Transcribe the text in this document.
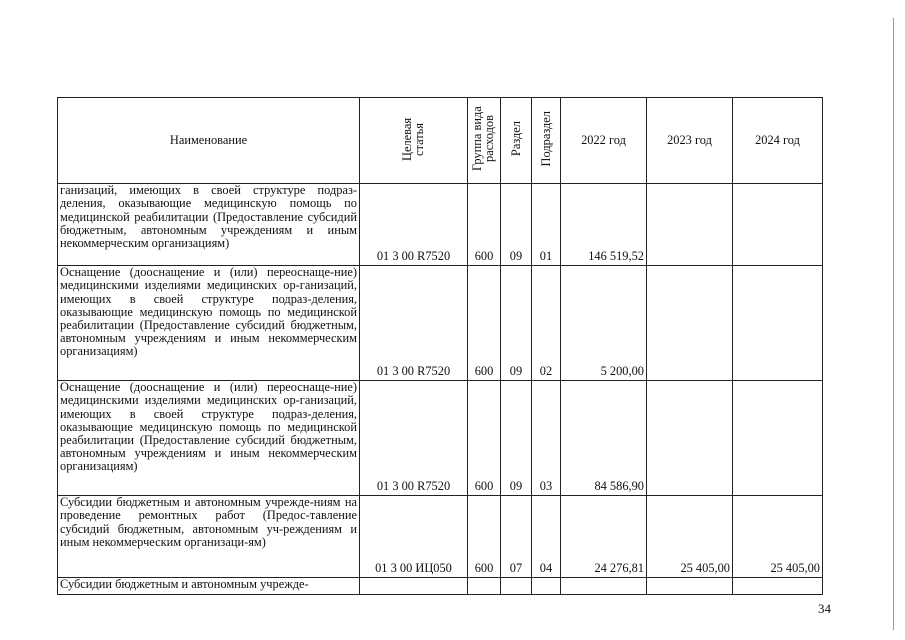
Наименование	Целевая статья	Группа вида расходов	Раздел	Подраздел	2022 год	2023 год	2024 год
ганизаций, имеющих в своей структуре подраз-деления, оказывающие медицинскую помощь по медицинской реабилитации (Предоставление субсидий бюджетным, автономным учреждениям и иным некоммерческим организациям)	01 3 00 R7520	600	09	01	146 519,52		
Оснащение (дооснащение и (или) переоснаще-ние) медицинскими изделиями медицинских ор-ганизаций, имеющих в своей структуре подраз-деления, оказывающие медицинскую помощь по медицинской реабилитации (Предоставление субсидий бюджетным, автономным учреждениям и иным некоммерческим организациям)	01 3 00 R7520	600	09	02	5 200,00		
Оснащение (дооснащение и (или) переоснаще-ние) медицинскими изделиями медицинских ор-ганизаций, имеющих в своей структуре подраз-деления, оказывающие медицинскую помощь по медицинской реабилитации (Предоставление субсидий бюджетным, автономным учреждениям и иным некоммерческим организациям)	01 3 00 R7520	600	09	03	84 586,90		
Субсидии бюджетным и автономным учрежде-ниям на проведение ремонтных работ (Предос-тавление субсидий бюджетным, автономным уч-реждениям и иным некоммерческим организаци-ям)	01 3 00 ИЦ050	600	07	04	24 276,81	25 405,00	25 405,00
Субсидии бюджетным и автономным учрежде-							
34
